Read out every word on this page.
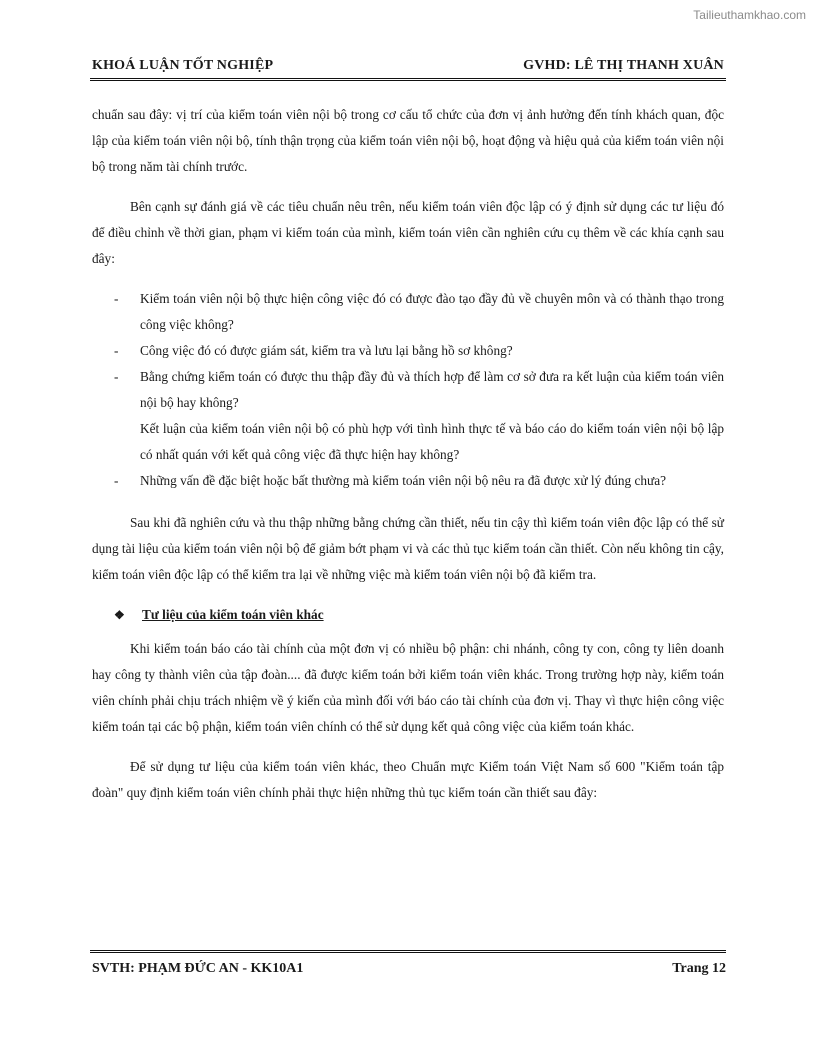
Tailieuthamkhao.com
KHOÁ LUẬN TỐT NGHIỆP	GVHD: LÊ THỊ THANH XUÂN

chuẩn sau đây: vị trí của kiểm toán viên nội bộ trong cơ cấu tổ chức của đơn vị ảnh hưởng đến tính khách quan, độc lập của kiểm toán viên nội bộ, tính thận trọng của kiểm toán viên nội bộ, hoạt động và hiệu quả của kiểm toán viên nội bộ trong năm tài chính trước.

Bên cạnh sự đánh giá về các tiêu chuẩn nêu trên, nếu kiểm toán viên độc lập có ý định sử dụng các tư liệu đó để điều chỉnh về thời gian, phạm vi kiểm toán của mình, kiểm toán viên cần nghiên cứu cụ thêm về các khía cạnh sau đây:

- Kiểm toán viên nội bộ thực hiện công việc đó có được đào tạo đầy đủ về chuyên môn và có thành thạo trong công việc không?
- Công việc đó có được giám sát, kiểm tra và lưu lại bằng hồ sơ không?
- Bằng chứng kiểm toán có được thu thập đầy đủ và thích hợp để làm cơ sở đưa ra kết luận của kiểm toán viên nội bộ hay không?
Kết luận của kiểm toán viên nội bộ có phù hợp với tình hình thực tế và báo cáo do kiểm toán viên nội bộ lập có nhất quán với kết quả công việc đã thực hiện hay không?
- Những vấn đề đặc biệt hoặc bất thường mà kiểm toán viên nội bộ nêu ra đã được xử lý đúng chưa?

Sau khi đã nghiên cứu và thu thập những bằng chứng cần thiết, nếu tin cậy thì kiểm toán viên độc lập có thể sử dụng tài liệu của kiểm toán viên nội bộ để giảm bớt phạm vi và các thủ tục kiểm toán cần thiết. Còn nếu không tin cậy, kiểm toán viên độc lập có thể kiểm tra lại về những việc mà kiểm toán viên nội bộ đã kiểm tra.

❖	Tư liệu của kiểm toán viên khác

Khi kiểm toán báo cáo tài chính của một đơn vị có nhiều bộ phận: chi nhánh, công ty con, công ty liên doanh hay công ty thành viên của tập đoàn.... đã được kiểm toán bởi kiểm toán viên khác. Trong trường hợp này, kiểm toán viên chính phải chịu trách nhiệm về ý kiến của mình đối với báo cáo tài chính của đơn vị. Thay vì thực hiện công việc kiểm toán tại các bộ phận, kiểm toán viên chính có thể sử dụng kết quả công việc của kiểm toán khác.

Để sử dụng tư liệu của kiểm toán viên khác, theo Chuẩn mực Kiểm toán Việt Nam số 600 "Kiểm toán tập đoàn" quy định kiểm toán viên chính phải thực hiện những thủ tục kiểm toán cần thiết sau đây:

SVTH: PHẠM ĐỨC AN - KK10A1	Trang 12
